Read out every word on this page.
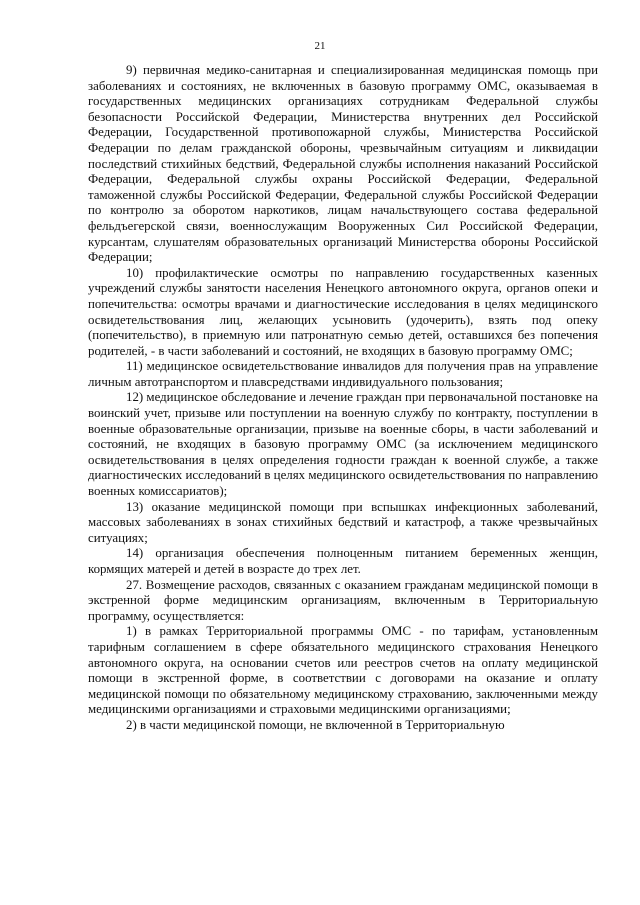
21

9) первичная медико-санитарная и специализированная медицинская помощь при заболеваниях и состояниях, не включенных в базовую программу ОМС, оказываемая в государственных медицинских организациях сотрудникам Федеральной службы безопасности Российской Федерации, Министерства внутренних дел Российской Федерации, Государственной противопожарной службы, Министерства Российской Федерации по делам гражданской обороны, чрезвычайным ситуациям и ликвидации последствий стихийных бедствий, Федеральной службы исполнения наказаний Российской Федерации, Федеральной службы охраны Российской Федерации, Федеральной таможенной службы Российской Федерации, Федеральной службы Российской Федерации по контролю за оборотом наркотиков, лицам начальствующего состава федеральной фельдъегерской связи, военнослужащим Вооруженных Сил Российской Федерации, курсантам, слушателям образовательных организаций Министерства обороны Российской Федерации;

10) профилактические осмотры по направлению государственных казенных учреждений службы занятости населения Ненецкого автономного округа, органов опеки и попечительства: осмотры врачами и диагностические исследования в целях медицинского освидетельствования лиц, желающих усыновить (удочерить), взять под опеку (попечительство), в приемную или патронатную семью детей, оставшихся без попечения родителей, - в части заболеваний и состояний, не входящих в базовую программу ОМС;

11) медицинское освидетельствование инвалидов для получения прав на управление личным автотранспортом и плавсредствами индивидуального пользования;

12) медицинское обследование и лечение граждан при первоначальной постановке на воинский учет, призыве или поступлении на военную службу по контракту, поступлении в военные образовательные организации, призыве на военные сборы, в части заболеваний и состояний, не входящих в базовую программу ОМС (за исключением медицинского освидетельствования в целях определения годности граждан к военной службе, а также диагностических исследований в целях медицинского освидетельствования по направлению военных комиссариатов);

13) оказание медицинской помощи при вспышках инфекционных заболеваний, массовых заболеваниях в зонах стихийных бедствий и катастроф, а также чрезвычайных ситуациях;

14) организация обеспечения полноценным питанием беременных женщин, кормящих матерей и детей в возрасте до трех лет.

27. Возмещение расходов, связанных с оказанием гражданам медицинской помощи в экстренной форме медицинским организациям, включенным в Территориальную программу, осуществляется:

1) в рамках Территориальной программы ОМС - по тарифам, установленным тарифным соглашением в сфере обязательного медицинского страхования Ненецкого автономного округа, на основании счетов или реестров счетов на оплату медицинской помощи в экстренной форме, в соответствии с договорами на оказание и оплату медицинской помощи по обязательному медицинскому страхованию, заключенными между медицинскими организациями и страховыми медицинскими организациями;

2) в части медицинской помощи, не включенной в Территориальную
